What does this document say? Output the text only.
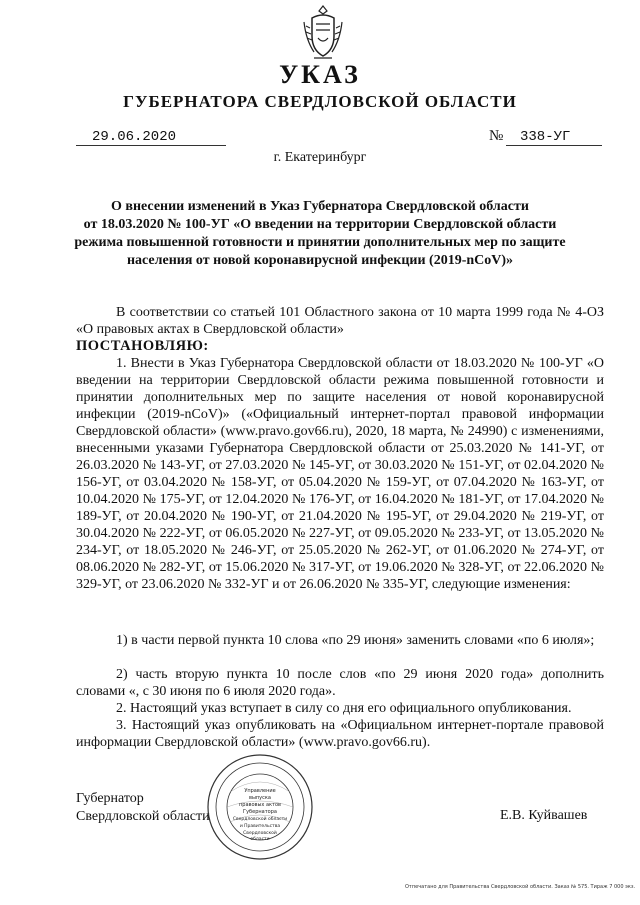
УКАЗ
ГУБЕРНАТОРА СВЕРДЛОВСКОЙ ОБЛАСТИ
29.06.2020	№ 338-УГ
г. Екатеринбург
О внесении изменений в Указ Губернатора Свердловской области
от 18.03.2020 № 100-УГ «О введении на территории Свердловской области
режима повышенной готовности и принятии дополнительных мер по защите
населения от новой коронавирусной инфекции (2019-nCoV)»
В соответствии со статьей 101 Областного закона от 10 марта 1999 года № 4-ОЗ «О правовых актах в Свердловской области»
ПОСТАНОВЛЯЮ:
1. Внести в Указ Губернатора Свердловской области от 18.03.2020 № 100-УГ «О введении на территории Свердловской области режима повышенной готовности и принятии дополнительных мер по защите населения от новой коронавирусной инфекции (2019-nCoV)» («Официальный интернет-портал правовой информации Свердловской области» (www.pravo.gov66.ru), 2020, 18 марта, № 24990) с изменениями, внесенными указами Губернатора Свердловской области от 25.03.2020 № 141-УГ, от 26.03.2020 № 143-УГ, от 27.03.2020 № 145-УГ, от 30.03.2020 № 151-УГ, от 02.04.2020 № 156-УГ, от 03.04.2020 № 158-УГ, от 05.04.2020 № 159-УГ, от 07.04.2020 № 163-УГ, от 10.04.2020 № 175-УГ, от 12.04.2020 № 176-УГ, от 16.04.2020 № 181-УГ, от 17.04.2020 № 189-УГ, от 20.04.2020 № 190-УГ, от 21.04.2020 № 195-УГ, от 29.04.2020 № 219-УГ, от 30.04.2020 № 222-УГ, от 06.05.2020 № 227-УГ, от 09.05.2020 № 233-УГ, от 13.05.2020 № 234-УГ, от 18.05.2020 № 246-УГ, от 25.05.2020 № 262-УГ, от 01.06.2020 № 274-УГ, от 08.06.2020 № 282-УГ, от 15.06.2020 № 317-УГ, от 19.06.2020 № 328-УГ, от 22.06.2020 № 329-УГ, от 23.06.2020 № 332-УГ и от 26.06.2020 № 335-УГ, следующие изменения:
1) в части первой пункта 10 слова «по 29 июня» заменить словами «по 6 июля»;
2) часть вторую пункта 10 после слов «по 29 июня 2020 года» дополнить словами «, с 30 июня по 6 июля 2020 года».
2. Настоящий указ вступает в силу со дня его официального опубликования.
3. Настоящий указ опубликовать на «Официальном интернет-портале правовой информации Свердловской области» (www.pravo.gov66.ru).
Губернатор
Свердловской области	Е.В. Куйвашев
Управление
выпуска
правовых актов
Губернатора
Свердловской области
и Правительства
Свердловской
области
Отпечатано для Правительства Свердловской области. Заказ № 575. Тираж 7 000 экз.
